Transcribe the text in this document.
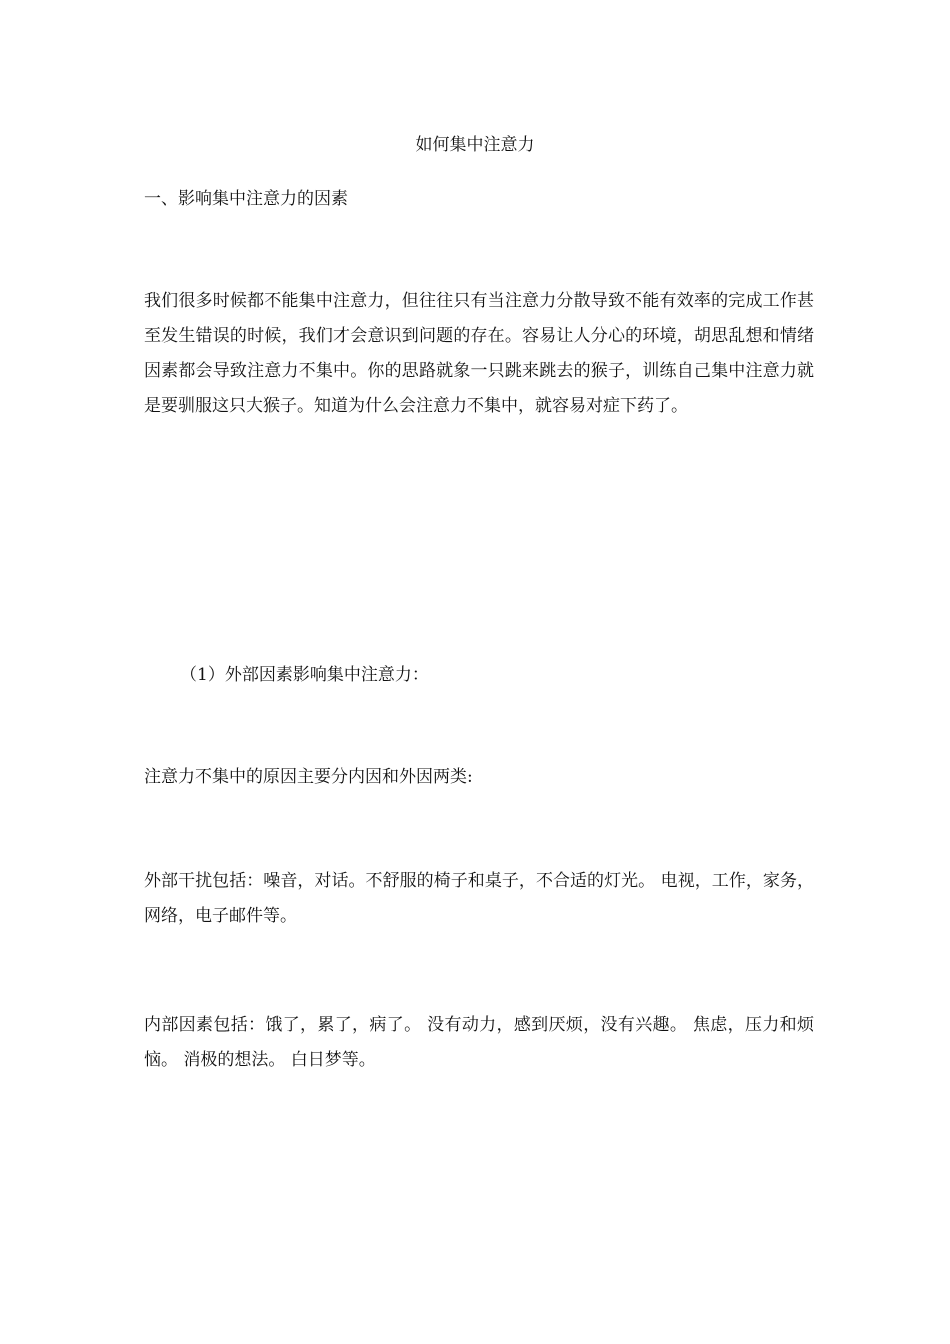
如何集中注意力
一、影响集中注意力的因素
我们很多时候都不能集中注意力，但往往只有当注意力分散导致不能有效率的完成工作甚至发生错误的时候，我们才会意识到问题的存在。容易让人分心的环境，胡思乱想和情绪因素都会导致注意力不集中。你的思路就象一只跳来跳去的猴子，训练自己集中注意力就是要驯服这只大猴子。知道为什么会注意力不集中，就容易对症下药了。
（1）外部因素影响集中注意力：
注意力不集中的原因主要分内因和外因两类:
外部干扰包括：噪音，对话。不舒服的椅子和桌子，不合适的灯光。 电视，工作，家务，网络，电子邮件等。
内部因素包括：饿了，累了，病了。 没有动力，感到厌烦，没有兴趣。 焦虑，压力和烦恼。 消极的想法。 白日梦等。
